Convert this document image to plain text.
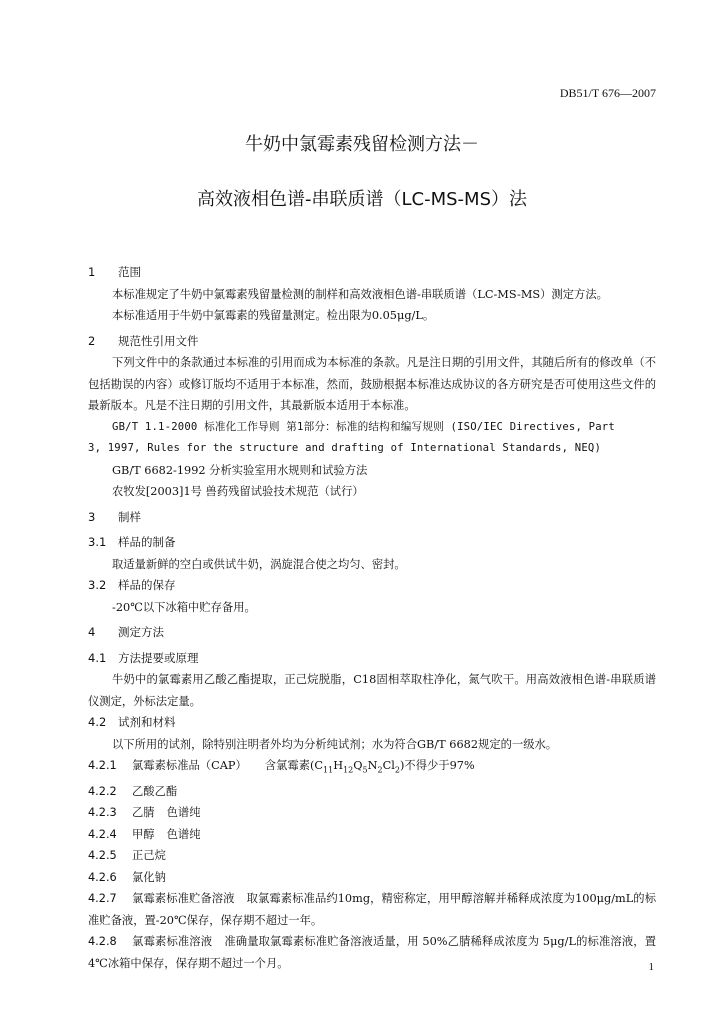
DB51/T 676—2007
牛奶中氯霉素残留检测方法－
高效液相色谱-串联质谱（LC-MS-MS）法
1 范围
本标准规定了牛奶中氯霉素残留量检测的制样和高效液相色谱-串联质谱（LC-MS-MS）测定方法。
本标准适用于牛奶中氯霉素的残留量测定。检出限为0.05μg/L。
2 规范性引用文件
下列文件中的条款通过本标准的引用而成为本标准的条款。凡是注日期的引用文件，其随后所有的修改单（不包括勘误的内容）或修订版均不适用于本标准，然而，鼓励根据本标准达成协议的各方研究是否可使用这些文件的最新版本。凡是不注日期的引用文件，其最新版本适用于本标准。
GB/T 1.1-2000 标准化工作导则 第1部分：标准的结构和编写规则 (ISO/IEC Directives, Part
3, 1997, Rules for the structure and drafting of International Standards, NEQ)
GB/T 6682-1992 分析实验室用水规则和试验方法
农牧发[2003]1号 兽药残留试验技术规范（试行）
3 制样
3.1 样品的制备
取适量新鲜的空白或供试牛奶，涡旋混合使之均匀、密封。
3.2 样品的保存
-20℃以下冰箱中贮存备用。
4 测定方法
4.1 方法提要或原理
牛奶中的氯霉素用乙酸乙酯提取，正己烷脱脂，C18固相萃取柱净化，氮气吹干。用高效液相色谱-串联质谱仪测定，外标法定量。
4.2 试剂和材料
以下所用的试剂，除特别注明者外均为分析纯试剂；水为符合GB/T 6682规定的一级水。
4.2.1 氯霉素标准品（CAP） 含氯霉素$(C_{11}H_{12}Q_5N_2Cl_2)$不得少于97%
4.2.2 乙酸乙酯
4.2.3 乙腈 色谱纯
4.2.4 甲醇 色谱纯
4.2.5 正己烷
4.2.6 氯化钠
4.2.7 氯霉素标准贮备溶液 取氯霉素标准品约10mg，精密称定，用甲醇溶解并稀释成浓度为100μg/mL的标准贮备液，置-20℃保存，保存期不超过一年。
4.2.8 氯霉素标准溶液 准确量取氯霉素标准贮备溶液适量，用 50%乙腈稀释成浓度为 5μg/L的标准溶液，置4℃冰箱中保存，保存期不超过一个月。	1
